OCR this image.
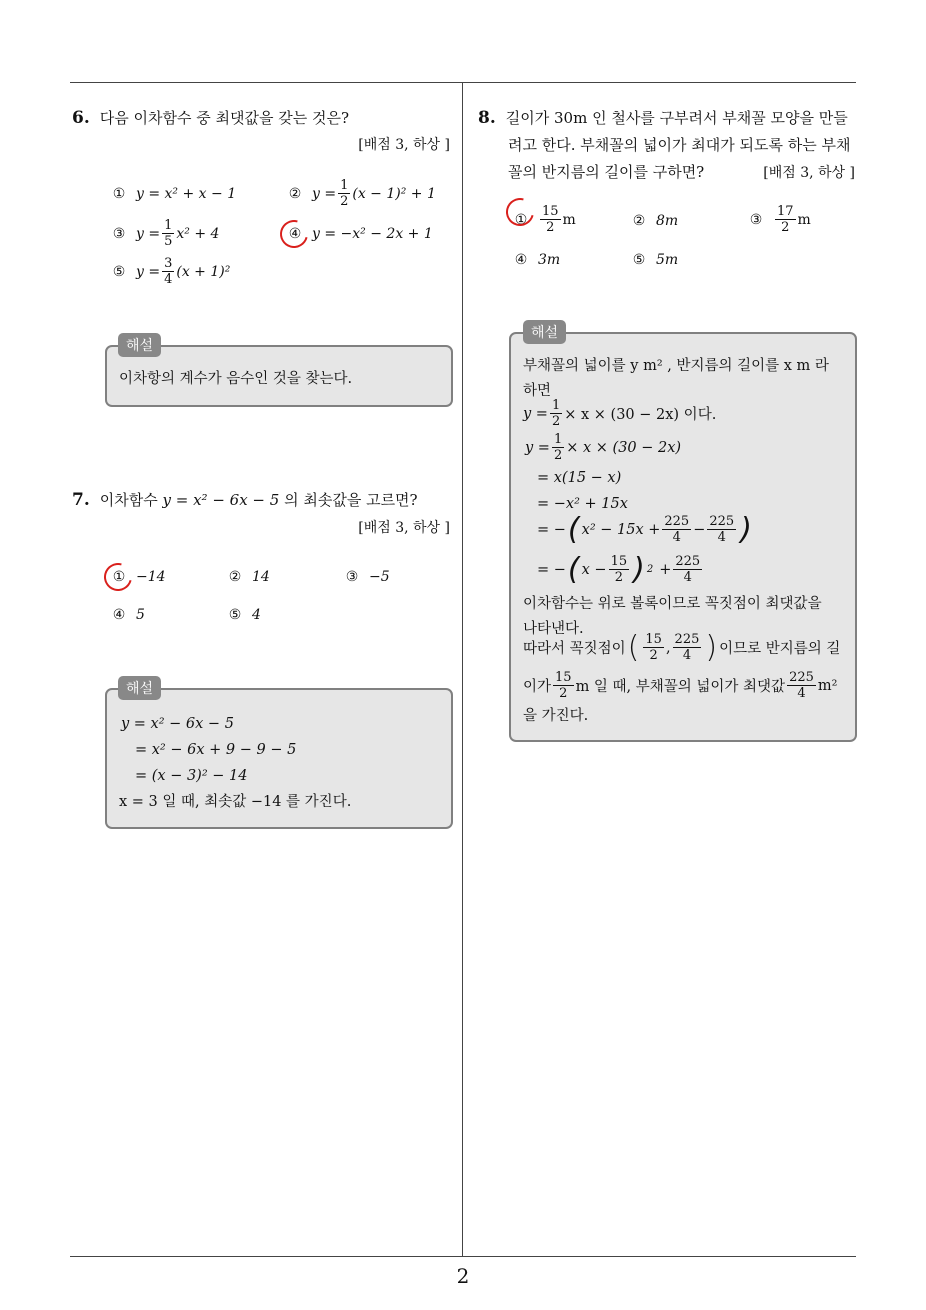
2
6. 다음 이차함수 중 최댓값을 갖는 것은?
[배점 3, 하상 ]
① y = x² + x − 1	② $y = \frac{1}{2} (x - 1)^2 + 1$
③ $y = \frac{1}{5} x^2 + 4$	④ y = −x² − 2x + 1
⑤ $y = \frac{3}{4} (x + 1)^2$
이차항의 계수가 음수인 것을 찾는다.
해설
7. 이차함수 y = x² − 6x − 5 의 최솟값을 고르면?
[배점 3, 하상 ]
① −14	② 14	③ −5
④ 5	⑤ 4
y = x² − 6x − 5
= x² − 6x + 9 − 9 − 5
= (x − 3)² − 14
x = 3 일 때, 최솟값 −14 를 가진다.
해설
8. 길이가 30m 인 철사를 구부려서 부채꼴 모양을 만들
려고 한다. 부채꼴의 넓이가 최대가 되도록 하는 부채
꼴의 반지름의 길이를 구하면?	[배점 3, 하상 ]
① $\frac{15}{2}$ m	② 8m	③ $\frac{17}{2}$ m
④ 3m	⑤ 5m
부채꼴의 넓이를 y m² , 반지름의 길이를 x m 라
하면
$y = \frac{1}{2} \times x \times (30 - 2x)$ 이다.
$y = \frac{1}{2} \times x \times (30 - 2x)$
= x(15 − x)
= −x² + 15x
= − ( $x^2 - 15x + \frac{225}{4} - \frac{225}{4}$ )
= − ( $x - \frac{15}{2}$ ) $2 + \frac{225}{4}$
이차함수는 위로 볼록이므로 꼭짓점이 최댓값을
나타낸다.
따라서 꼭짓점이 ( $\frac{15}{2}$ , $\frac{225}{4}$ ) 이므로 반지름의 길
이가 $\frac{15}{2}$ m 일 때, 부채꼴의 넓이가 최댓값 $\frac{225}{4} m^2$
을 가진다.
해설
